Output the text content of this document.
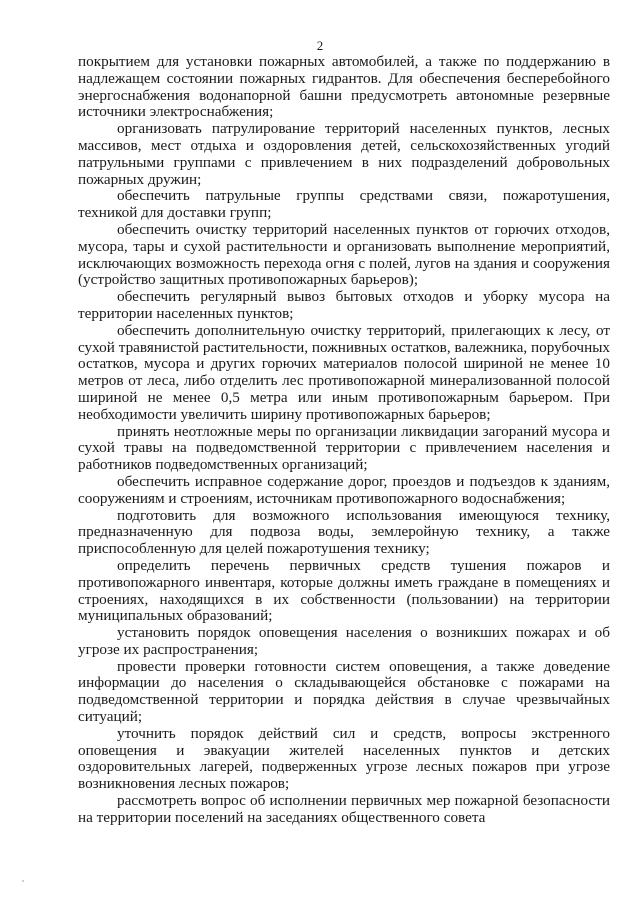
2

покрытием для установки пожарных автомобилей, а также по поддержанию в надлежащем состоянии пожарных гидрантов. Для обеспечения бесперебойного энергоснабжения водонапорной башни предусмотреть автономные резервные источники электроснабжения;

организовать патрулирование территорий населенных пунктов, лесных массивов, мест отдыха и оздоровления детей, сельскохозяйственных угодий патрульными группами с привлечением в них подразделений добровольных пожарных дружин;

обеспечить патрульные группы средствами связи, пожаротушения, техникой для доставки групп;

обеспечить очистку территорий населенных пунктов от горючих отходов, мусора, тары и сухой растительности и организовать выполнение мероприятий, исключающих возможность перехода огня с полей, лугов на здания и сооружения (устройство защитных противопожарных барьеров);

обеспечить регулярный вывоз бытовых отходов и уборку мусора на территории населенных пунктов;

обеспечить дополнительную очистку территорий, прилегающих к лесу, от сухой травянистой растительности, пожнивных остатков, валежника, порубочных остатков, мусора и других горючих материалов полосой шириной не менее 10 метров от леса, либо отделить лес противопожарной минерализованной полосой шириной не менее 0,5 метра или иным противопожарным барьером. При необходимости увеличить ширину противопожарных барьеров;

принять неотложные меры по организации ликвидации загораний мусора и сухой травы на подведомственной территории с привлечением населения и работников подведомственных организаций;

обеспечить исправное содержание дорог, проездов и подъездов к зданиям, сооружениям и строениям, источникам противопожарного водоснабжения;

подготовить для возможного использования имеющуюся технику, предназначенную для подвоза воды, землеройную технику, а также приспособленную для целей пожаротушения технику;

определить перечень первичных средств тушения пожаров и противопожарного инвентаря, которые должны иметь граждане в помещениях и строениях, находящихся в их собственности (пользовании) на территории муниципальных образований;

установить порядок оповещения населения о возникших пожарах и об угрозе их распространения;

провести проверки готовности систем оповещения, а также доведение информации до населения о складывающейся обстановке с пожарами на подведомственной территории и порядка действия в случае чрезвычайных ситуаций;

уточнить порядок действий сил и средств, вопросы экстренного оповещения и эвакуации жителей населенных пунктов и детских оздоровительных лагерей, подверженных угрозе лесных пожаров при угрозе возникновения лесных пожаров;

рассмотреть вопрос об исполнении первичных мер пожарной безопасности на территории поселений на заседаниях общественного совета
